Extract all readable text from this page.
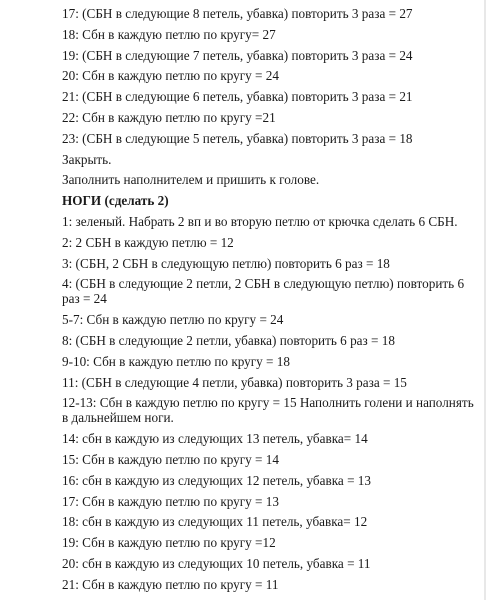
17: (СБН в следующие 8 петель, убавка) повторить 3 раза = 27
18: Сбн в каждую петлю по кругу= 27
19: (СБН в следующие 7 петель, убавка) повторить 3 раза = 24
20: Сбн в каждую петлю по кругу = 24
21: (СБН в следующие 6 петель, убавка) повторить 3 раза = 21
22: Сбн в каждую петлю по кругу =21
23: (СБН в следующие 5 петель, убавка) повторить 3 раза = 18
Закрыть.
Заполнить наполнителем и пришить к голове.
НОГИ (сделать 2)
1: зеленый. Набрать 2 вп и во вторую петлю от крючка сделать 6 СБН.
2: 2 СБН в каждую петлю = 12
3: (СБН, 2 СБН в следующую петлю) повторить 6 раз = 18
4: (СБН в следующие 2 петли, 2 СБН в следующую петлю) повторить 6 раз = 24
5-7: Сбн в каждую петлю по кругу = 24
8: (СБН в следующие 2 петли, убавка) повторить 6 раз = 18
9-10: Сбн в каждую петлю по кругу = 18
11: (СБН в следующие 4 петли, убавка) повторить 3 раза = 15
12-13: Сбн в каждую петлю по кругу = 15 Наполнить голени и наполнять в дальнейшем ноги.
14: сбн в каждую из следующих 13 петель, убавка= 14
15: Сбн в каждую петлю по кругу = 14
16: сбн в каждую из следующих 12 петель, убавка = 13
17: Сбн в каждую петлю по кругу = 13
18: сбн в каждую из следующих 11 петель, убавка= 12
19: Сбн в каждую петлю по кругу =12
20: сбн в каждую из следующих 10 петель, убавка = 11
21: Сбн в каждую петлю по кругу = 11
